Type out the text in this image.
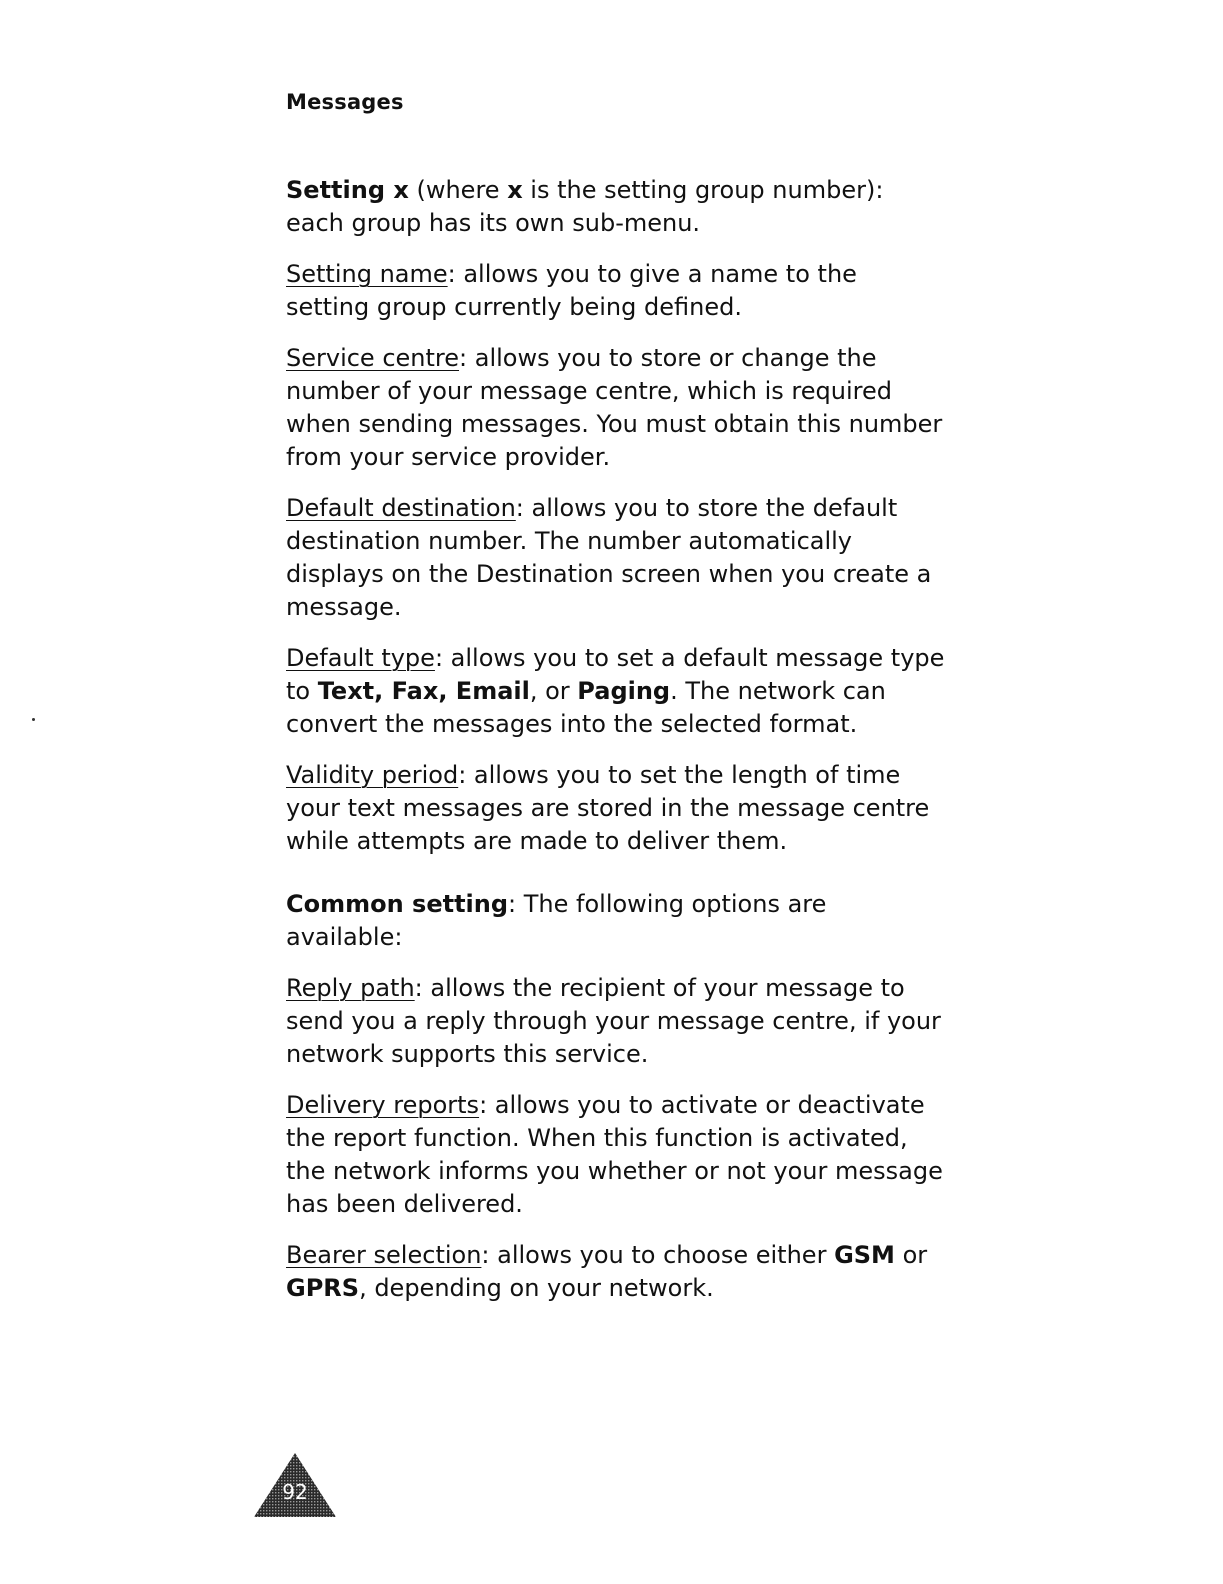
Messages

Setting x (where x is the setting group number): each group has its own sub-menu.

Setting name: allows you to give a name to the setting group currently being defined.

Service centre: allows you to store or change the number of your message centre, which is required when sending messages. You must obtain this number from your service provider.

Default destination: allows you to store the default destination number. The number automatically displays on the Destination screen when you create a message.

Default type: allows you to set a default message type to Text, Fax, Email, or Paging. The network can convert the messages into the selected format.

Validity period: allows you to set the length of time your text messages are stored in the message centre while attempts are made to deliver them.

Common setting: The following options are available:

Reply path: allows the recipient of your message to send you a reply through your message centre, if your network supports this service.

Delivery reports: allows you to activate or deactivate the report function. When this function is activated, the network informs you whether or not your message has been delivered.

Bearer selection: allows you to choose either GSM or GPRS, depending on your network.

92
